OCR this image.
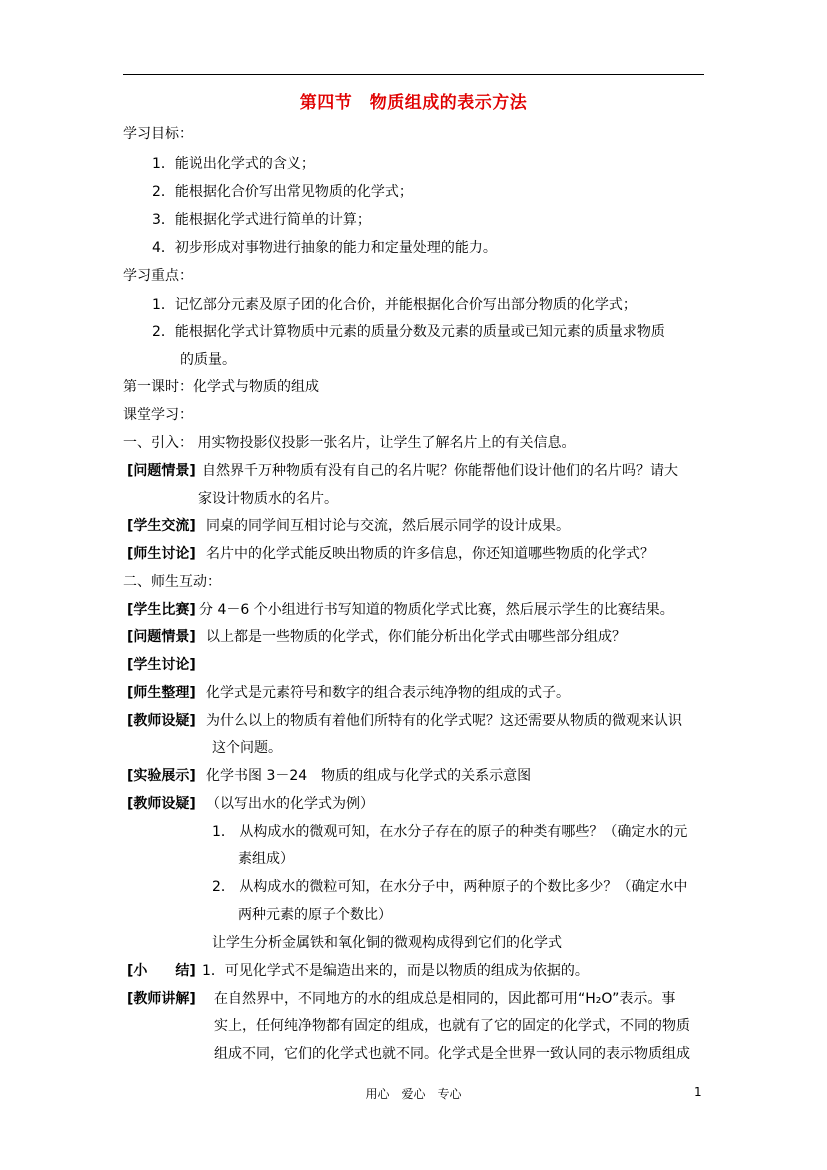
第四节　物质组成的表示方法
学习目标：
1．能说出化学式的含义；
2．能根据化合价写出常见物质的化学式；
3．能根据化学式进行简单的计算；
4．初步形成对事物进行抽象的能力和定量处理的能力。
学习重点：
1．记忆部分元素及原子团的化合价，并能根据化合价写出部分物质的化学式；
2．能根据化学式计算物质中元素的质量分数及元素的质量或已知元素的质量求物质
的质量。
第一课时：化学式与物质的组成
课堂学习：
一、引入： 用实物投影仪投影一张名片，让学生了解名片上的有关信息。
[问题情景] 自然界千万种物质有没有自己的名片呢？你能帮他们设计他们的名片吗？请大
家设计物质水的名片。
[学生交流] 同桌的同学间互相讨论与交流，然后展示同学的设计成果。
[师生讨论] 名片中的化学式能反映出物质的许多信息，你还知道哪些物质的化学式？
二、师生互动：
[学生比赛] 分 4－6 个小组进行书写知道的物质化学式比赛，然后展示学生的比赛结果。
[问题情景] 以上都是一些物质的化学式，你们能分析出化学式由哪些部分组成？
[学生讨论]
[师生整理] 化学式是元素符号和数字的组合表示纯净物的组成的式子。
[教师设疑] 为什么以上的物质有着他们所特有的化学式呢？这还需要从物质的微观来认识
这个问题。
[实验展示] 化学书图 3－24　物质的组成与化学式的关系示意图
[教师设疑] （以写出水的化学式为例）
1． 从构成水的微观可知，在水分子存在的原子的种类有哪些？（确定水的元
素组成）
2． 从构成水的微粒可知，在水分子中，两种原子的个数比多少？（确定水中
两种元素的原子个数比）
让学生分析金属铁和氧化铜的微观构成得到它们的化学式
[小　　结] 1．可见化学式不是编造出来的，而是以物质的组成为依据的。
[教师讲解] 在自然界中，不同地方的水的组成总是相同的，因此都可用“H₂O”表示。事
实上，任何纯净物都有固定的组成，也就有了它的固定的化学式，不同的物质
组成不同，它们的化学式也就不同。化学式是全世界一致认同的表示物质组成
用心　爱心　专心	1
